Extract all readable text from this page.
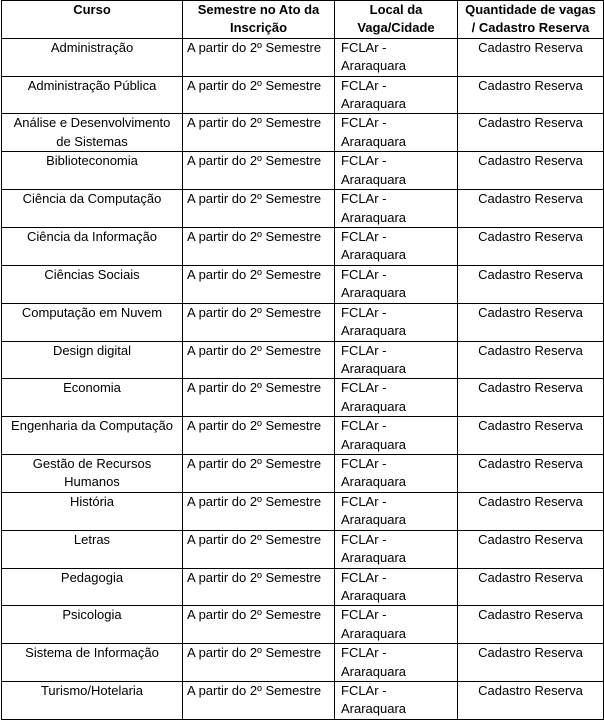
Curso	Semestre no Ato da Inscrição	Local da Vaga/Cidade	Quantidade de vagas / Cadastro Reserva
Administração	A partir do 2º Semestre	FCLAr - Araraquara	Cadastro Reserva
Administração Pública	A partir do 2º Semestre	FCLAr - Araraquara	Cadastro Reserva
Análise e Desenvolvimento de Sistemas	A partir do 2º Semestre	FCLAr - Araraquara	Cadastro Reserva
Biblioteconomia	A partir do 2º Semestre	FCLAr - Araraquara	Cadastro Reserva
Ciência da Computação	A partir do 2º Semestre	FCLAr - Araraquara	Cadastro Reserva
Ciência da Informação	A partir do 2º Semestre	FCLAr - Araraquara	Cadastro Reserva
Ciências Sociais	A partir do 2º Semestre	FCLAr - Araraquara	Cadastro Reserva
Computação em Nuvem	A partir do 2º Semestre	FCLAr - Araraquara	Cadastro Reserva
Design digital	A partir do 2º Semestre	FCLAr - Araraquara	Cadastro Reserva
Economia	A partir do 2º Semestre	FCLAr - Araraquara	Cadastro Reserva
Engenharia da Computação	A partir do 2º Semestre	FCLAr - Araraquara	Cadastro Reserva
Gestão de Recursos Humanos	A partir do 2º Semestre	FCLAr - Araraquara	Cadastro Reserva
História	A partir do 2º Semestre	FCLAr - Araraquara	Cadastro Reserva
Letras	A partir do 2º Semestre	FCLAr - Araraquara	Cadastro Reserva
Pedagogia	A partir do 2º Semestre	FCLAr - Araraquara	Cadastro Reserva
Psicologia	A partir do 2º Semestre	FCLAr - Araraquara	Cadastro Reserva
Sistema de Informação	A partir do 2º Semestre	FCLAr - Araraquara	Cadastro Reserva
Turismo/Hotelaria	A partir do 2º Semestre	FCLAr - Araraquara	Cadastro Reserva
